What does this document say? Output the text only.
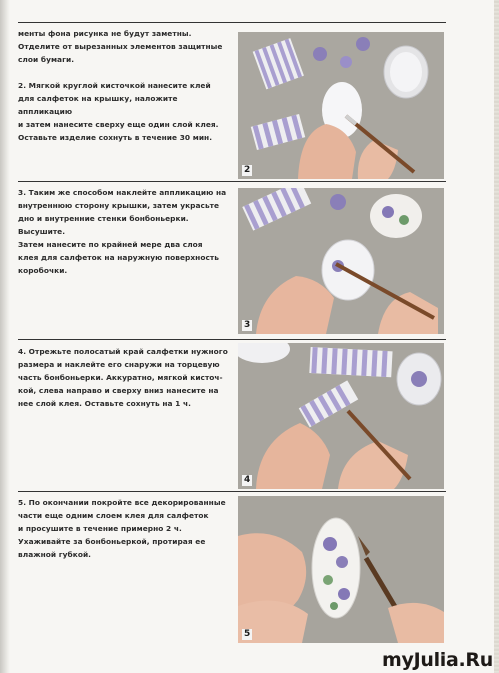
менты фона рисунка не будут заметны.
Отделите от вырезанных элементов защитные
слои бумаги.

2. Мягкой круглой кисточкой нанесите клей
для салфеток на крышку, наложите аппликацию
и затем нанесите сверху еще один слой клея.
Оставьте изделие сохнуть в течение 30 мин.
3. Таким же способом наклейте аппликацию на
внутреннюю сторону крышки, затем украсьте
дно и внутренние стенки бонбоньерки. Высушите.
Затем нанесите по крайней мере два слоя
клея для салфеток на наружную поверхность
коробочки.
4. Отрежьте полосатый край салфетки нужного
размера и наклейте его снаружи на торцевую
часть бонбоньерки. Аккуратно, мягкой кисточ-
кой, слева направо и сверху вниз нанесите на
нее слой клея. Оставьте сохнуть на 1 ч.
5. По окончании покройте все декорированные
части еще одним слоем клея для салфеток
и просушите в течение примерно 2 ч.
Ухаживайте за бонбоньеркой, протирая ее
влажной губкой.
2
3
4
5
myJulia.Ru
